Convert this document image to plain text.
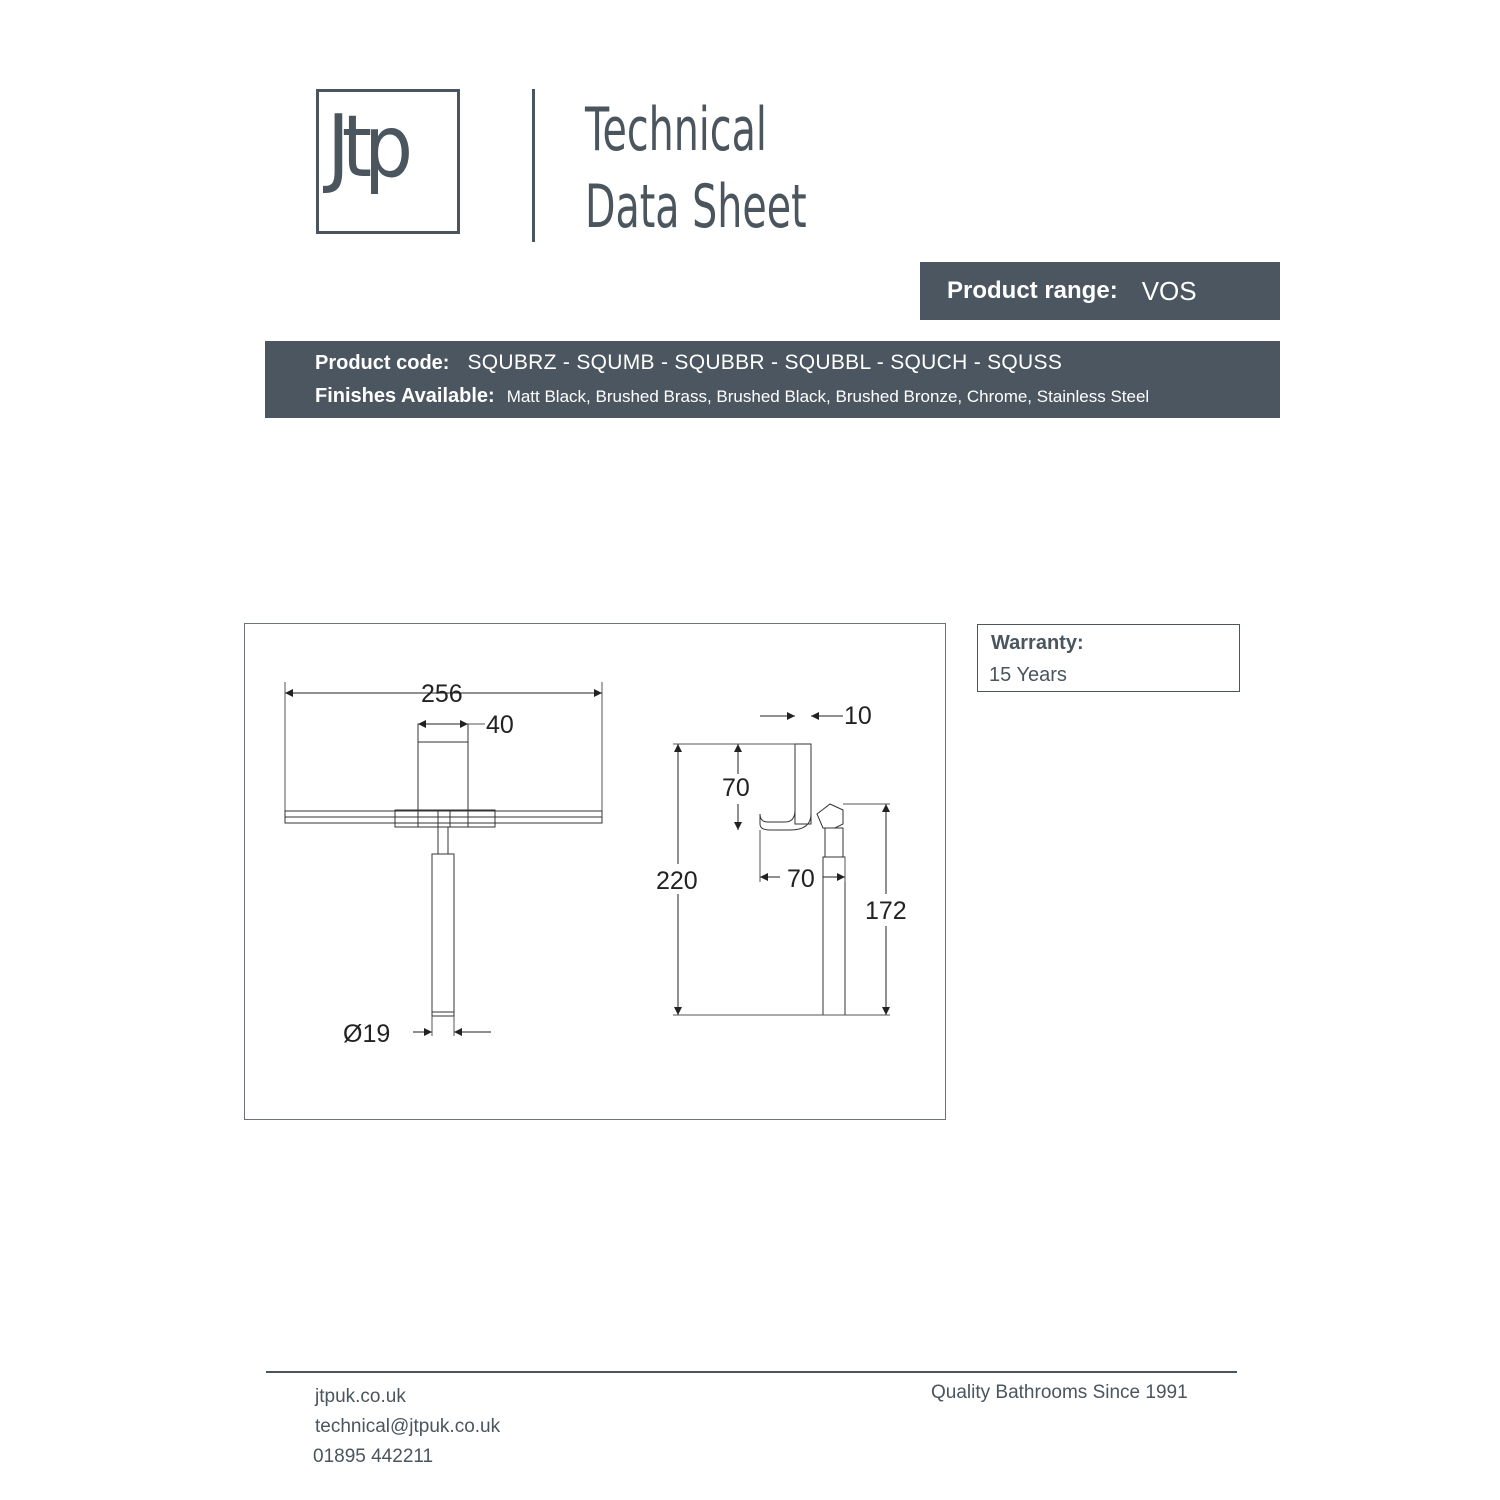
Jtp	Technical
Data Sheet
Product range: VOS
Product code: SQUBRZ - SQUMB - SQUBBR - SQUBBL - SQUCH - SQUSS
Finishes Available: Matt Black, Brushed Brass, Brushed Black, Brushed Bronze, Chrome, Stainless Steel
256
40
Ø19
10
70
70
220
172
Warranty:
15 Years
jtpuk.co.uk
technical@jtpuk.co.uk
01895 442211
Quality Bathrooms Since 1991
